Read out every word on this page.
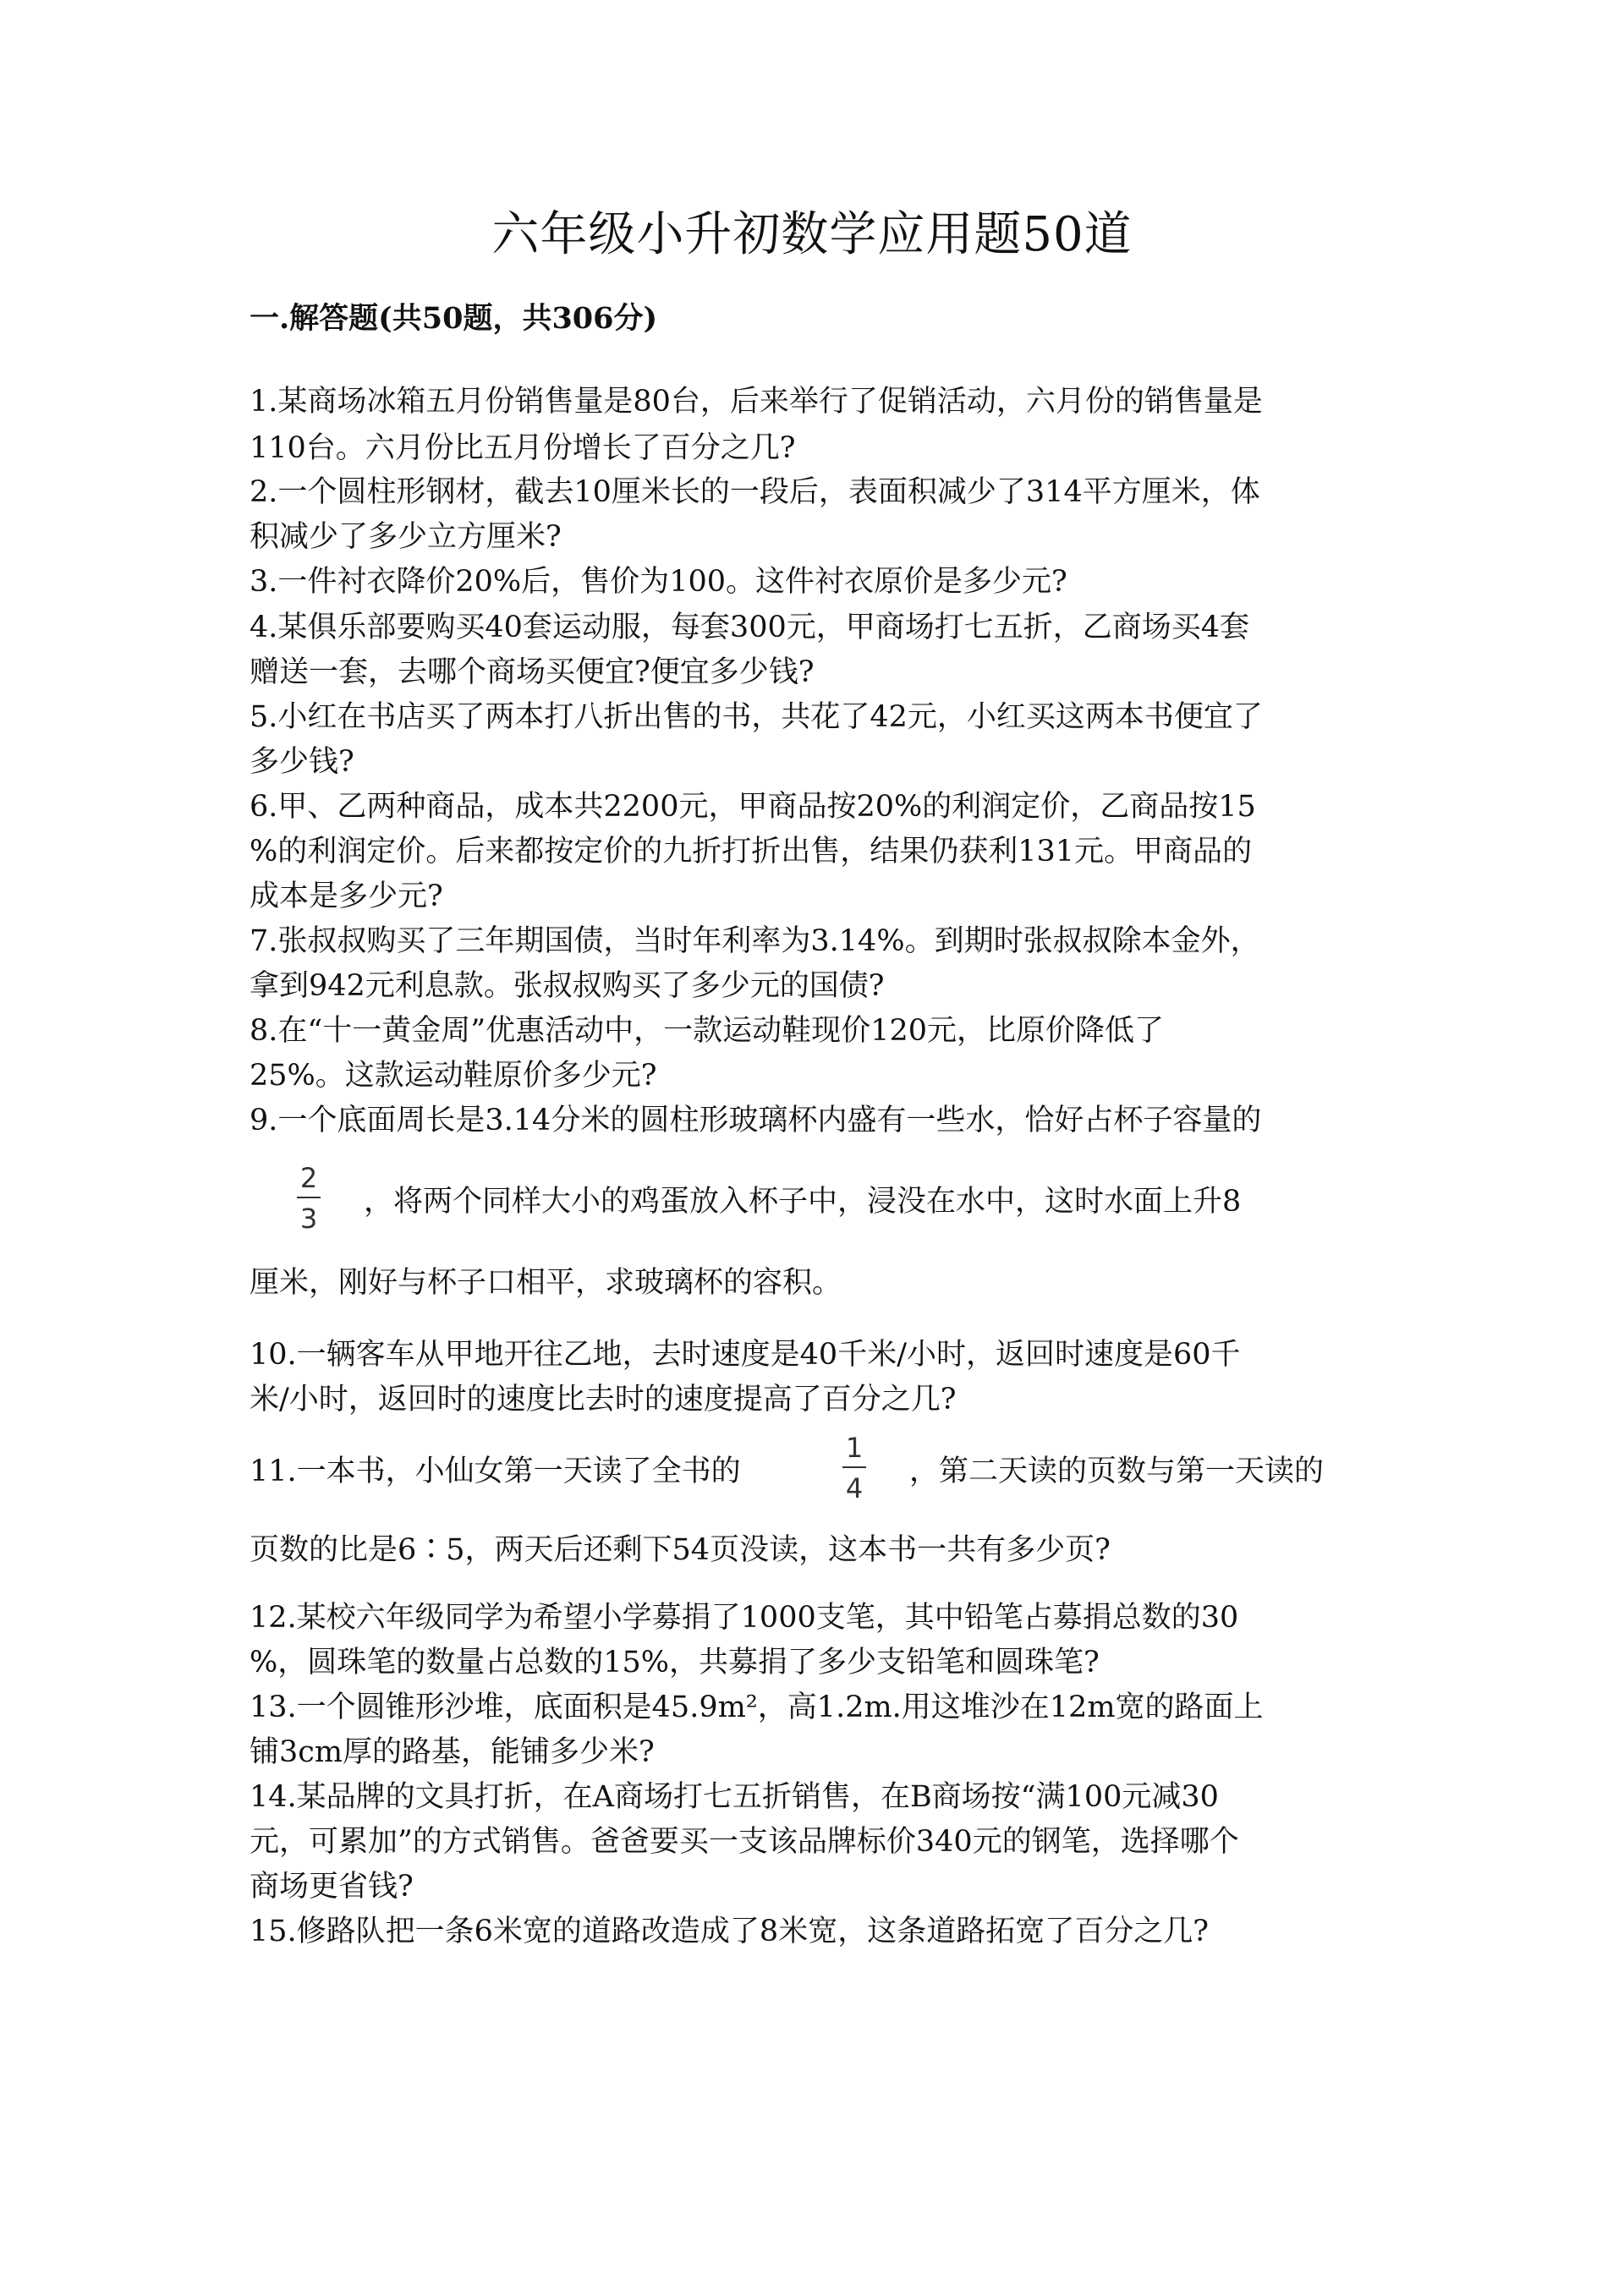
六年级小升初数学应用题50道
一.解答题(共50题，共306分)
1.某商场冰箱五月份销售量是80台，后来举行了促销活动，六月份的销售量是
110台。六月份比五月份增长了百分之几?
2.一个圆柱形钢材，截去10厘米长的一段后，表面积减少了314平方厘米，体
积减少了多少立方厘米?
3.一件衬衣降价20%后，售价为100。这件衬衣原价是多少元?
4.某俱乐部要购买40套运动服，每套300元，甲商场打七五折，乙商场买4套
赠送一套，去哪个商场买便宜?便宜多少钱?
5.小红在书店买了两本打八折出售的书，共花了42元，小红买这两本书便宜了
多少钱?
6.甲、乙两种商品，成本共2200元，甲商品按20%的利润定价，乙商品按15
%的利润定价。后来都按定价的九折打折出售，结果仍获利131元。甲商品的
成本是多少元?
7.张叔叔购买了三年期国债，当时年利率为3.14%。到期时张叔叔除本金外，
拿到942元利息款。张叔叔购买了多少元的国债?
8.在“十一黄金周”优惠活动中，一款运动鞋现价120元，比原价降低了
25%。这款运动鞋原价多少元?
9.一个底面周长是3.14分米的圆柱形玻璃杯内盛有一些水，恰好占杯子容量的
2
3 ，将两个同样大小的鸡蛋放入杯子中，浸没在水中，这时水面上升8
厘米，刚好与杯子口相平，求玻璃杯的容积。
10.一辆客车从甲地开往乙地，去时速度是40千米/小时，返回时速度是60千
米/小时，返回时的速度比去时的速度提高了百分之几?
11.一本书，小仙女第一天读了全书的
1
4 ，第二天读的页数与第一天读的
页数的比是6∶5，两天后还剩下54页没读，这本书一共有多少页?
12.某校六年级同学为希望小学募捐了1000支笔，其中铅笔占募捐总数的30
%，圆珠笔的数量占总数的15%，共募捐了多少支铅笔和圆珠笔?
13.一个圆锥形沙堆，底面积是45.9m²，高1.2m.用这堆沙在12m宽的路面上
铺3cm厚的路基，能铺多少米?
14.某品牌的文具打折，在A商场打七五折销售，在B商场按“满100元减30
元，可累加”的方式销售。爸爸要买一支该品牌标价340元的钢笔，选择哪个
商场更省钱?
15.修路队把一条6米宽的道路改造成了8米宽，这条道路拓宽了百分之几?
